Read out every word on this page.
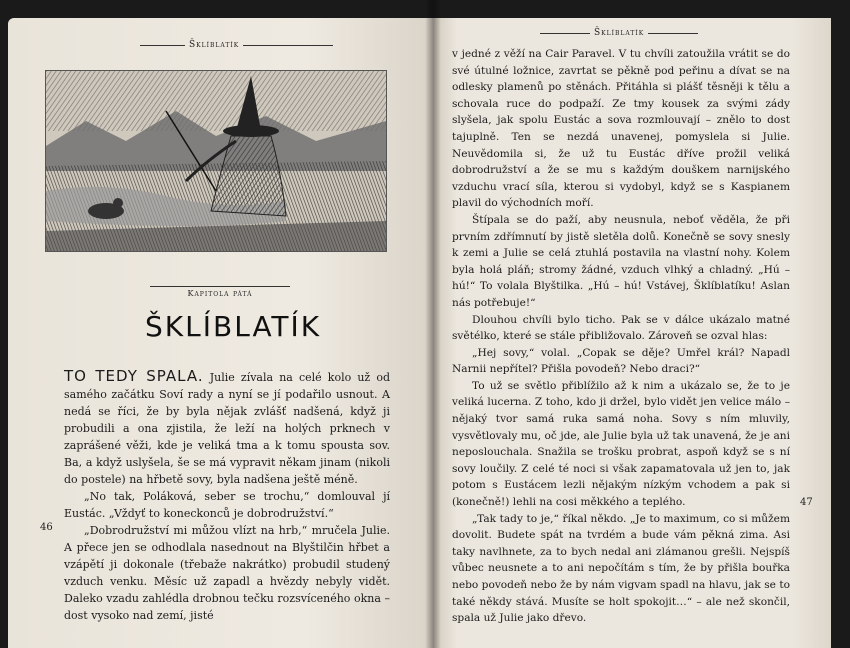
Šklíblatík
Kapitola pátá
ŠKLÍBLATÍK

TO TEDY SPALA. Julie zívala na celé kolo už od samého začátku Soví rady a nyní se jí podařilo usnout. A nedá se říci, že by byla nějak zvlášť nadšená, když ji probudili a ona zjistila, že leží na holých prknech v zaprášené věži, kde je veliká tma a k tomu spousta sov. Ba, a když uslyšela, še se má vypravit někam jinam (nikoli do postele) na hřbetě sovy, byla nadšena ještě méně.

„No tak, Poláková, seber se trochu,“ domlouval jí Eustác. „Vždyť to koneckonců je dobrodružství.“

„Dobrodružství mi můžou vlízt na hrb,“ mručela Julie. A přece jen se odhodlala nasednout na Blyštilčin hřbet a vzápětí ji dokonale (třebaže nakrátko) probudil studený vzduch venku. Měsíc už zapadl a hvězdy nebyly vidět. Daleko vzadu zahlédla drobnou tečku rozsvíceného okna – dost vysoko nad zemí, jisté

46
Šklíblatík

v jedné z věží na Cair Paravel. V tu chvíli zatoužila vrátit se do své útulné ložnice, zavrtat se pěkně pod peřinu a dívat se na odlesky plamenů po stěnách. Přitáhla si plášť těsněji k tělu a schovala ruce do podpaží. Ze tmy kousek za svými zády slyšela, jak spolu Eustác a sova rozmlouvají – znělo to dost tajuplně. Ten se nezdá unavenej, pomyslela si Julie. Neuvědomila si, že už tu Eustác dříve prožil veliká dobrodružství a že se mu s každým douškem narnijského vzduchu vrací síla, kterou si vydobyl, když se s Kaspianem plavil do východních moří.

Štípala se do paží, aby neusnula, neboť věděla, že při prvním zdřímnutí by jistě sletěla dolů. Konečně se sovy snesly k zemi a Julie se celá ztuhlá postavila na vlastní nohy. Kolem byla holá pláň; stromy žádné, vzduch vlhký a chladný. „Hú – hú!“ To volala Blyštilka. „Hú – hú! Vstávej, Šklíblatíku! Aslan nás potřebuje!“

Dlouhou chvíli bylo ticho. Pak se v dálce ukázalo matné světélko, které se stále přibližovalo. Zároveň se ozval hlas:

„Hej sovy,“ volal. „Copak se děje? Umřel král? Napadl Narnii nepřítel? Přišla povodeň? Nebo draci?“

To už se světlo přiblížilo až k nim a ukázalo se, že to je veliká lucerna. Z toho, kdo ji držel, bylo vidět jen velice málo – nějaký tvor samá ruka samá noha. Sovy s ním mluvily, vysvětlovaly mu, oč jde, ale Julie byla už tak unavená, že je ani neposlouchala. Snažila se trošku probrat, aspoň když se s ní sovy loučily. Z celé té noci si však zapamatovala už jen to, jak potom s Eustácem lezli nějakým nízkým vchodem a pak si (konečně!) lehli na cosi měkkého a teplého.

„Tak tady to je,“ říkal někdo. „Je to maximum, co si můžem dovolit. Budete spát na tvrdém a bude vám pěkná zima. Asi taky navlhnete, za to bych nedal ani zlámanou grešli. Nejspíš vůbec neusnete a to ani nepočítám s tím, že by přišla bouřka nebo povodeň nebo že by nám vigvam spadl na hlavu, jak se to také někdy stává. Musíte se holt spokojit…“ – ale než skončil, spala už Julie jako dřevo.

47
